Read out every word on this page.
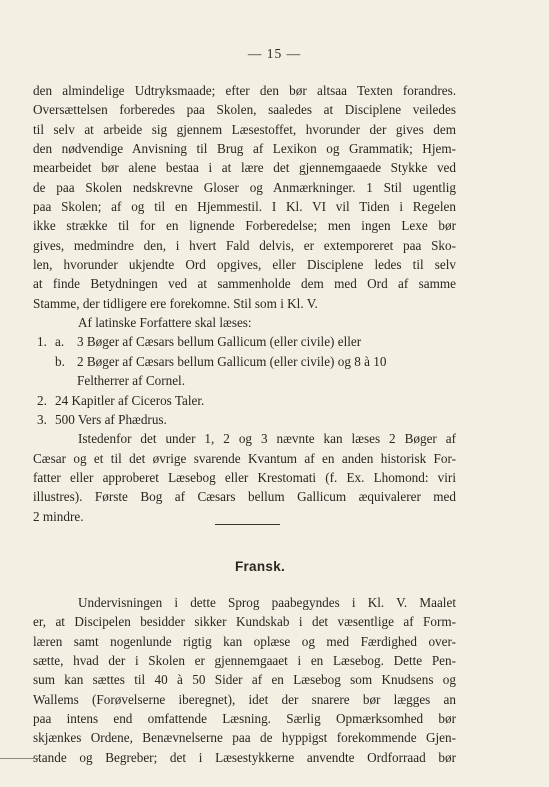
— 15 —
den almindelige Udtryksmaade; efter den bør altsaa Texten forandres.
Oversættelsen forberedes paa Skolen, saaledes at Disciplene veiledes
til selv at arbeide sig gjennem Læsestoffet, hvorunder der gives dem
den nødvendige Anvisning til Brug af Lexikon og Grammatik; Hjem-
mearbeidet bør alene bestaa i at lære det gjennemgaaede Stykke ved
de paa Skolen nedskrevne Gloser og Anmærkninger. 1 Stil ugentlig
paa Skolen; af og til en Hjemmestil. I Kl. VI vil Tiden i Regelen
ikke strække til for en lignende Forberedelse; men ingen Lexe bør
gives, medmindre den, i hvert Fald delvis, er extemporeret paa Sko-
len, hvorunder ukjendte Ord opgives, eller Disciplene ledes til selv
at finde Betydningen ved at sammenholde dem med Ord af samme
Stamme, der tidligere ere forekomne. Stil som i Kl. V.
Af latinske Forfattere skal læses:
1. a. 3 Bøger af Cæsars bellum Gallicum (eller civile) eller
b. 2 Bøger af Cæsars bellum Gallicum (eller civile) og 8 à 10
Feltherrer af Cornel.
2. 24 Kapitler af Ciceros Taler.
3. 500 Vers af Phædrus.
Istedenfor det under 1, 2 og 3 nævnte kan læses 2 Bøger af
Cæsar og et til det øvrige svarende Kvantum af en anden historisk For-
fatter eller approberet Læsebog eller Krestomati (f. Ex. Lhomond: viri
illustres). Første Bog af Cæsars bellum Gallicum æquivalerer med
2 mindre.
Fransk.
Undervisningen i dette Sprog paabegyndes i Kl. V. Maalet
er, at Discipelen besidder sikker Kundskab i det væsentlige af Form-
læren samt nogenlunde rigtig kan oplæse og med Færdighed over-
sætte, hvad der i Skolen er gjennemgaaet i en Læsebog. Dette Pen-
sum kan sættes til 40 à 50 Sider af en Læsebog som Knudsens og
Wallems (Forøvelserne iberegnet), idet der snarere bør lægges an
paa intens end omfattende Læsning. Særlig Opmærksomhed bør
skjænkes Ordene, Benævnelserne paa de hyppigst forekommende Gjen-
stande og Begreber; det i Læsestykkerne anvendte Ordforraad bør
